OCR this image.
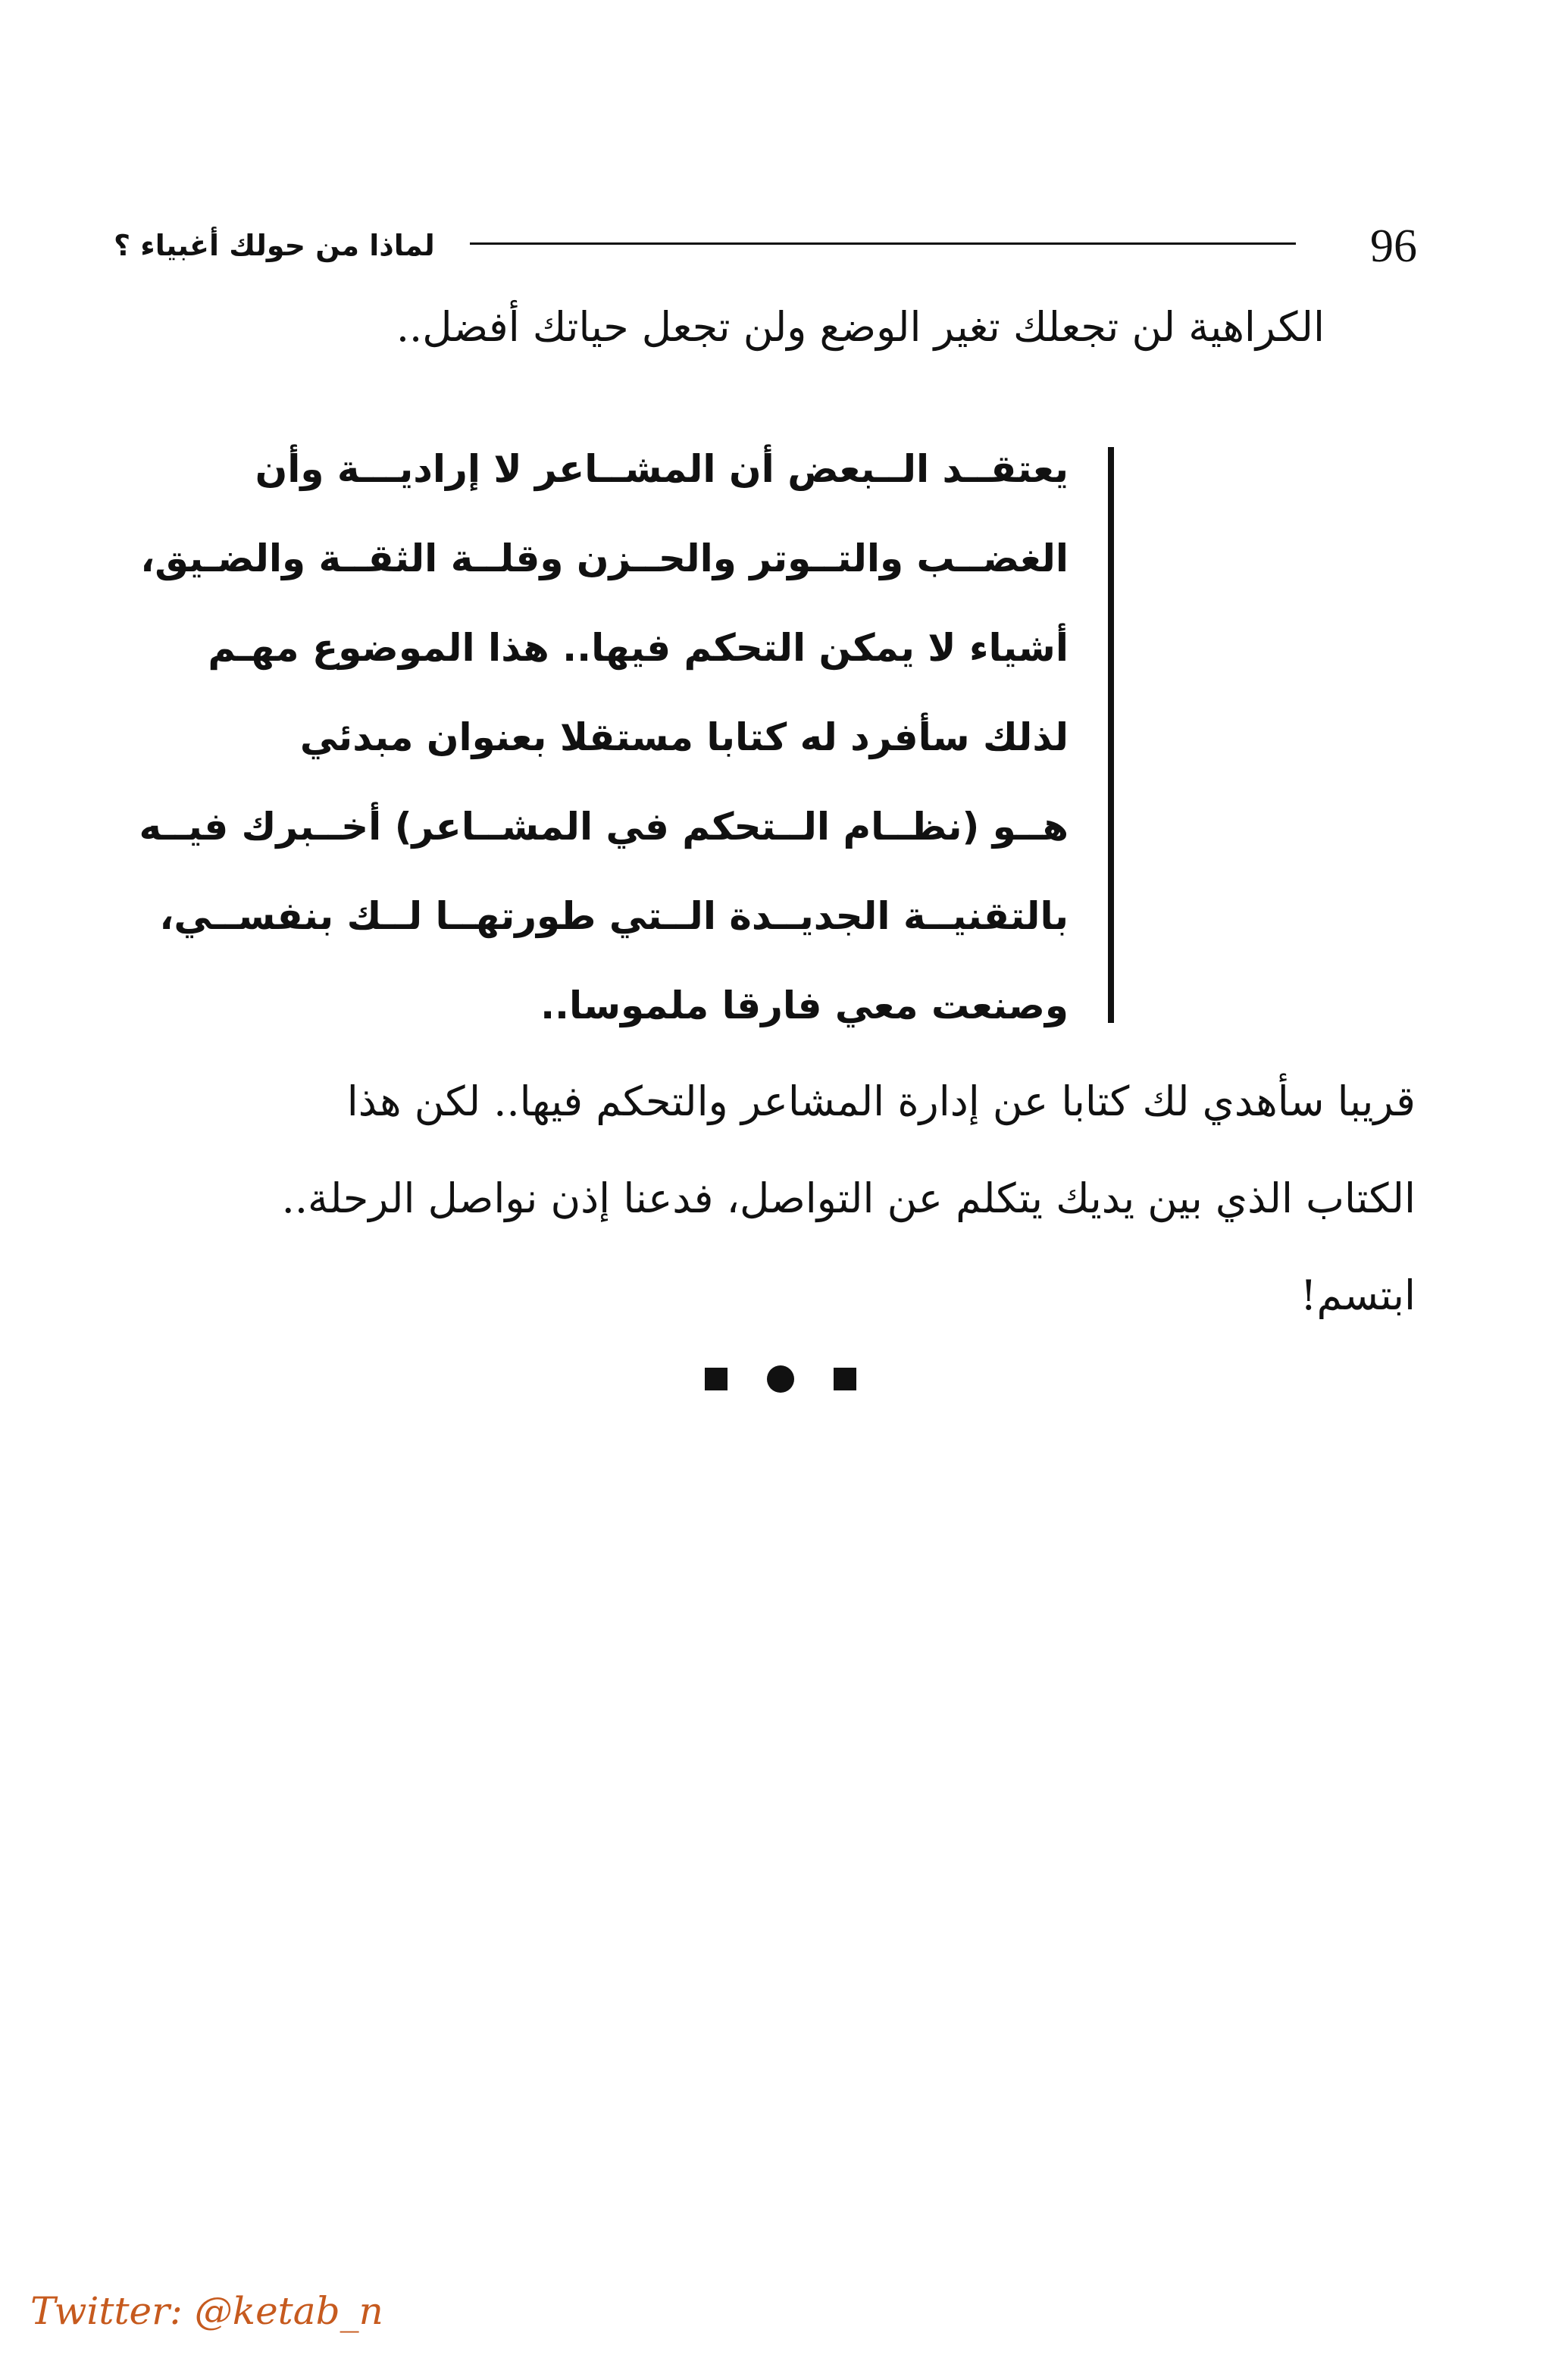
لماذا من حولك أغبياء ؟	96
الكراهية لن تجعلك تغير الوضع ولن تجعل حياتك أفضل..
يعتقــد الــبعض أن المشــاعر لا إراديـــة وأن
الغضــب والتــوتر والحــزن وقلــة الثقــة والضـيق،
أشياء لا يمكن التحكم فيها.. هذا الموضوع مهـم
لذلك سأفرد له كتابا مستقلا بعنوان مبدئي
هــو (نظــام الــتحكم في المشــاعر) أخــبرك فيــه
بالتقنيــة الجديــدة الــتي طورتهــا لــك بنفســي،
وصنعت معي فارقا ملموسا..
قريبا سأهدي لك كتابا عن إدارة المشاعر والتحكم فيها.. لكن هذا
الكتاب الذي بين يديك يتكلم عن التواصل، فدعنا إذن نواصل الرحلة..
ابتسم!
Twitter: @ketab_n
